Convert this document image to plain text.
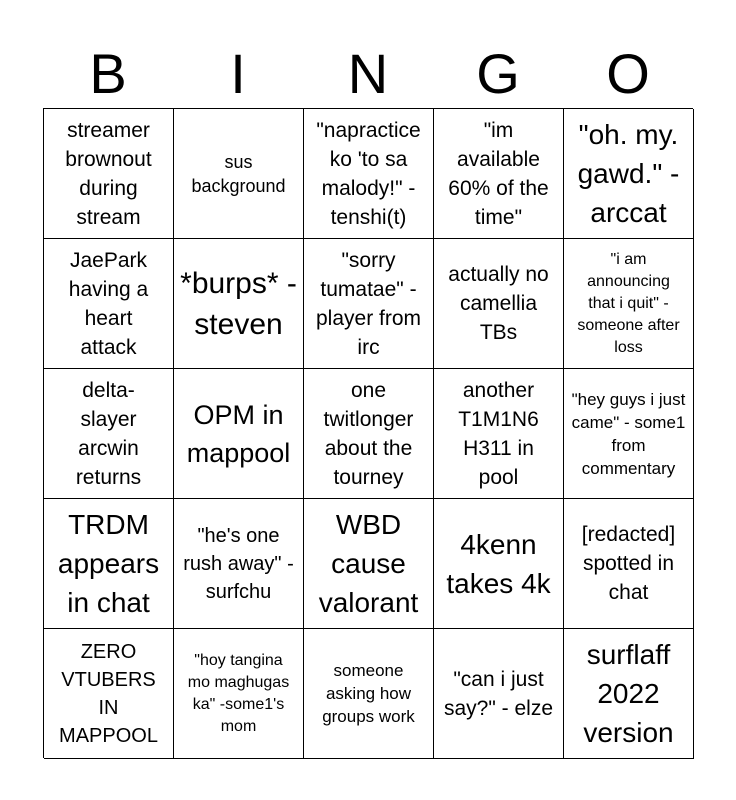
B	I	N	G	O
streamer brownout during stream
sus background
"napractice ko 'to sa malody!" - tenshi(t)
"im available 60% of the time"
"oh. my. gawd." - arccat
JaePark having a heart attack
*burps* -steven
"sorry tumatae" - player from irc
actually no camellia TBs
"i am announcing that i quit" - someone after loss
delta-slayer arcwin returns
OPM in mappool
one twitlonger about the tourney
another T1M1N6 H311 in pool
"hey guys i just came" - some1 from commentary
TRDM appears in chat
"he's one rush away" - surfchu
WBD cause valorant
4kenn takes 4k
[redacted] spotted in chat
ZERO VTUBERS IN MAPPOOL
"hoy tangina mo maghugas ka" -some1's mom
someone asking how groups work
"can i just say?" - elze
surflaff 2022 version
